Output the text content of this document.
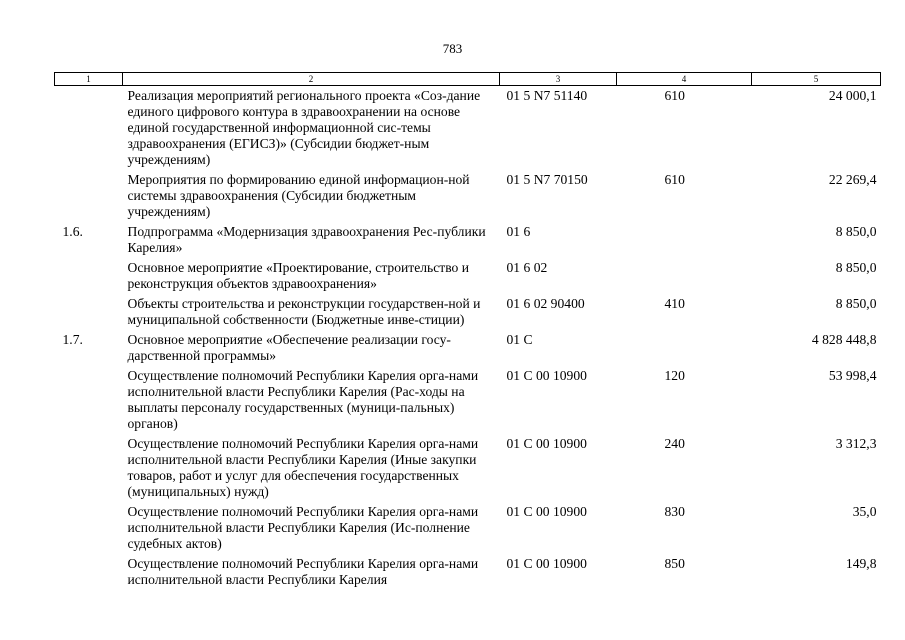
783
1	2	3	4	5
	Реализация мероприятий регионального проекта «Соз-дание единого цифрового контура в здравоохранении на основе единой государственной информационной сис-темы здравоохранения (ЕГИСЗ)» (Субсидии бюджет-ным учреждениям)	01 5 N7 51140	610	24 000,1
	Мероприятия по формированию единой информацион-ной системы здравоохранения (Субсидии бюджетным учреждениям)	01 5 N7 70150	610	22 269,4
1.6.	Подпрограмма «Модернизация здравоохранения Рес-публики Карелия»	01 6		8 850,0
	Основное мероприятие «Проектирование, строительство и реконструкция объектов здравоохранения»	01 6 02		8 850,0
	Объекты строительства и реконструкции государствен-ной и муниципальной собственности (Бюджетные инве-стиции)	01 6 02 90400	410	8 850,0
1.7.	Основное мероприятие «Обеспечение реализации госу-дарственной программы»	01 С		4 828 448,8
	Осуществление полномочий Республики Карелия орга-нами исполнительной власти Республики Карелия (Рас-ходы на выплаты персоналу государственных (муници-пальных) органов)	01 С 00 10900	120	53 998,4
	Осуществление полномочий Республики Карелия орга-нами исполнительной власти Республики Карелия (Иные закупки товаров, работ и услуг для обеспечения государственных (муниципальных) нужд)	01 С 00 10900	240	3 312,3
	Осуществление полномочий Республики Карелия орга-нами исполнительной власти Республики Карелия (Ис-полнение судебных актов)	01 С 00 10900	830	35,0
	Осуществление полномочий Республики Карелия орга-нами исполнительной власти Республики Карелия	01 С 00 10900	850	149,8
